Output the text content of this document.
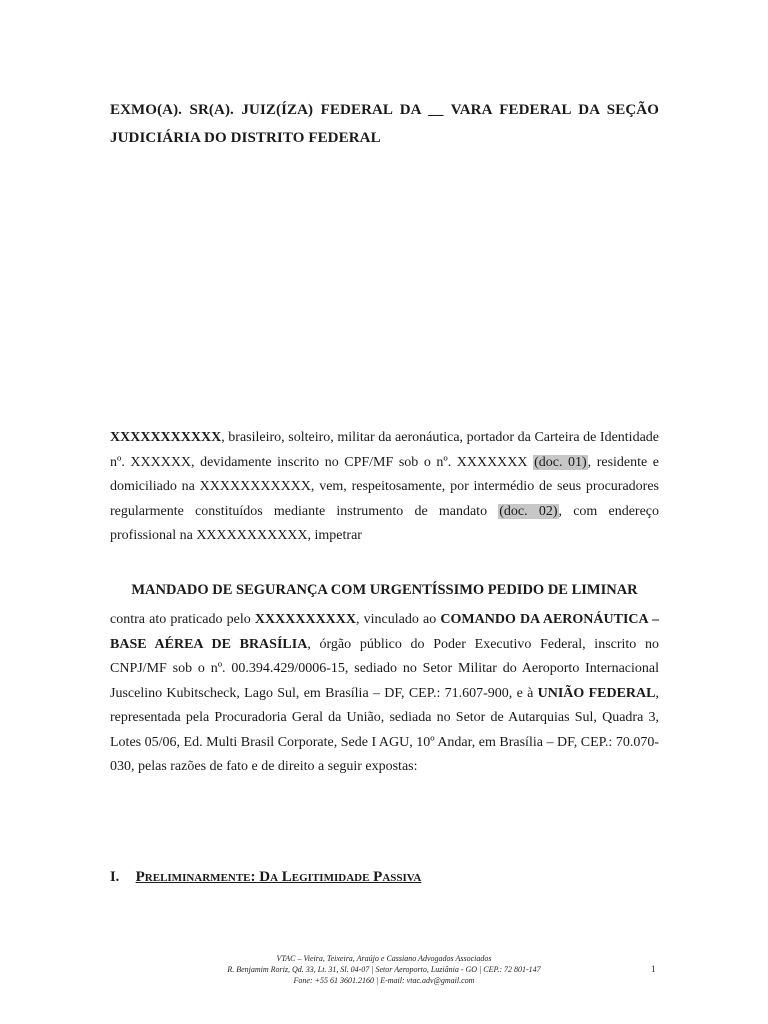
EXMO(A). SR(A). JUIZ(ÍZA) FEDERAL DA __ VARA FEDERAL DA SEÇÃO
JUDICIÁRIA DO DISTRITO FEDERAL

XXXXXXXXXXX, brasileiro, solteiro, militar da aeronáutica, portador da Carteira de Identidade nº. XXXXXX, devidamente inscrito no CPF/MF sob o nº. XXXXXXX (doc. 01), residente e domiciliado na XXXXXXXXXXX, vem, respeitosamente, por intermédio de seus procuradores regularmente constituídos mediante instrumento de mandato (doc. 02), com endereço profissional na XXXXXXXXXXX, impetrar

MANDADO DE SEGURANÇA COM URGENTÍSSIMO PEDIDO DE LIMINAR

contra ato praticado pelo XXXXXXXXXX, vinculado ao COMANDO DA AERONÁUTICA – BASE AÉREA DE BRASÍLIA, órgão público do Poder Executivo Federal, inscrito no CNPJ/MF sob o nº. 00.394.429/0006-15, sediado no Setor Militar do Aeroporto Internacional Juscelino Kubitscheck, Lago Sul, em Brasília – DF, CEP.: 71.607-900, e à UNIÃO FEDERAL, representada pela Procuradoria Geral da União, sediada no Setor de Autarquias Sul, Quadra 3, Lotes 05/06, Ed. Multi Brasil Corporate, Sede I AGU, 10º Andar, em Brasília – DF, CEP.: 70.070-030, pelas razões de fato e de direito a seguir expostas:

I. Preliminarmente: Da Legitimidade Passiva
VTAC – Vieira, Teixeira, Araújo e Cassiano Advogados Associados
R. Benjamim Roriz, Qd. 33, Lt. 31, Sl. 04-07 | Setor Aeroporto, Luziânia - GO | CEP.: 72 801-147
Fone: +55 61 3601.2160 | E-mail: vtac.adv@gmail.com
1
